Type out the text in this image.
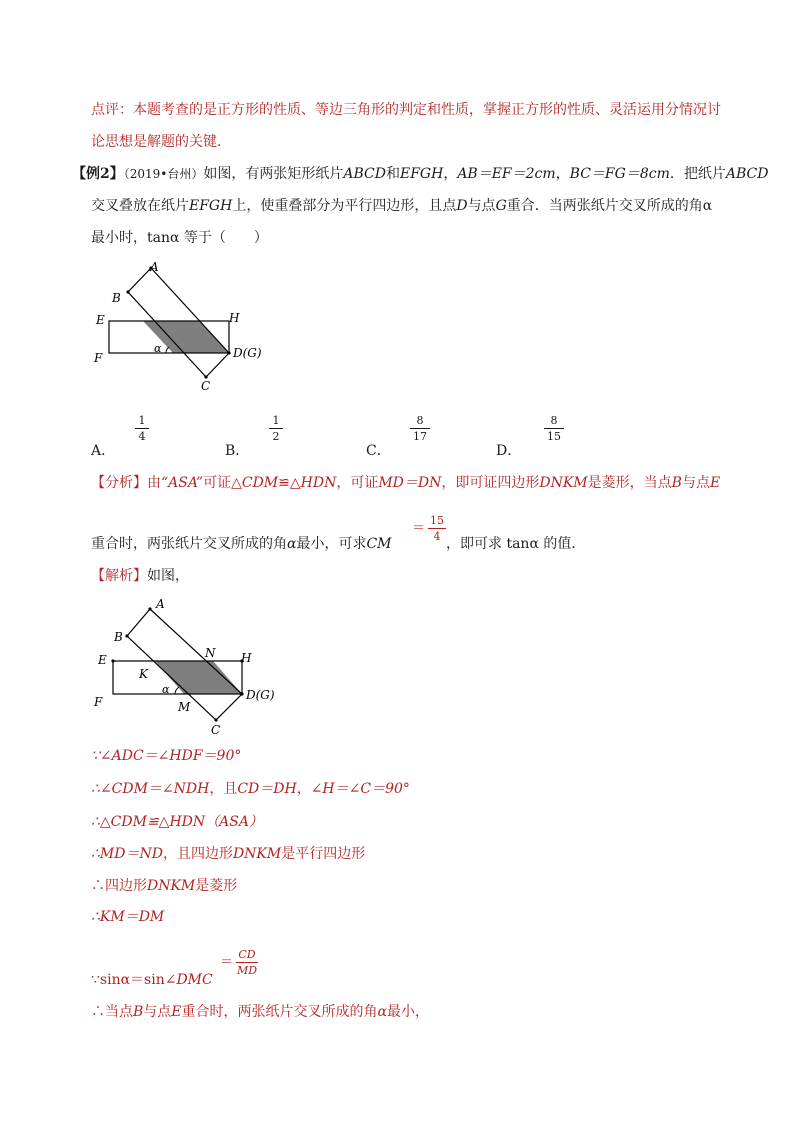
点评：本题考查的是正方形的性质、等边三角形的判定和性质，掌握正方形的性质、灵活运用分情况讨
论思想是解题的关键．
【例2】（2019•台州）如图，有两张矩形纸片ABCD和EFGH，AB＝EF＝2cm，BC＝FG＝8cm．把纸片ABCD
交叉叠放在纸片EFGH上，使重叠部分为平行四边形，且点D与点G重合．当两张纸片交叉所成的角α
最小时，tanα 等于（　　）
A
B
E	H
F
α	D(G)
C
A．
1
4
B．
1
2
C．
8
17
D．
8
15
【分析】由“ASA”可证△CDM≌△HDN，可证MD＝DN，即可证四边形DNKM是菱形，当点B与点E
重合时，两张纸片交叉所成的角α最小，可求CM
＝
15
4 ，即可求 tanα 的值．
【解析】如图，
A
B
E	N H
K
F
α
M
D(G)
C
∵∠ADC＝∠HDF＝90°
∴∠CDM＝∠NDH，且CD＝DH，∠H＝∠C＝90°
∴△CDM≌△HDN（ASA）
∴MD＝ND，且四边形DNKM是平行四边形
∴四边形DNKM是菱形
∴KM＝DM
∵sinα＝sin∠DMC
＝
CD
MD
∴当点B与点E重合时，两张纸片交叉所成的角α最小，
